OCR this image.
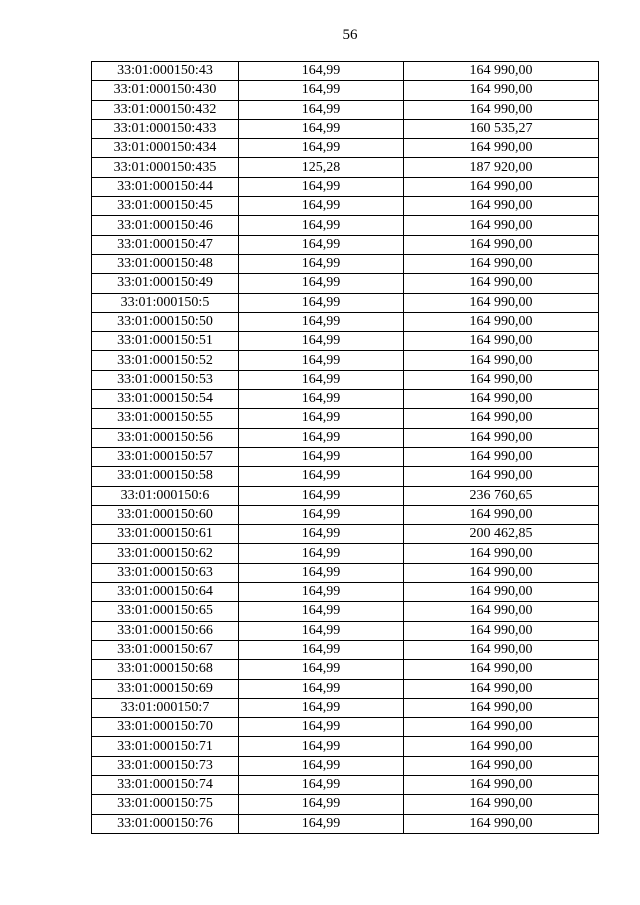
56
33:01:000150:43	164,99	164 990,00
33:01:000150:430	164,99	164 990,00
33:01:000150:432	164,99	164 990,00
33:01:000150:433	164,99	160 535,27
33:01:000150:434	164,99	164 990,00
33:01:000150:435	125,28	187 920,00
33:01:000150:44	164,99	164 990,00
33:01:000150:45	164,99	164 990,00
33:01:000150:46	164,99	164 990,00
33:01:000150:47	164,99	164 990,00
33:01:000150:48	164,99	164 990,00
33:01:000150:49	164,99	164 990,00
33:01:000150:5	164,99	164 990,00
33:01:000150:50	164,99	164 990,00
33:01:000150:51	164,99	164 990,00
33:01:000150:52	164,99	164 990,00
33:01:000150:53	164,99	164 990,00
33:01:000150:54	164,99	164 990,00
33:01:000150:55	164,99	164 990,00
33:01:000150:56	164,99	164 990,00
33:01:000150:57	164,99	164 990,00
33:01:000150:58	164,99	164 990,00
33:01:000150:6	164,99	236 760,65
33:01:000150:60	164,99	164 990,00
33:01:000150:61	164,99	200 462,85
33:01:000150:62	164,99	164 990,00
33:01:000150:63	164,99	164 990,00
33:01:000150:64	164,99	164 990,00
33:01:000150:65	164,99	164 990,00
33:01:000150:66	164,99	164 990,00
33:01:000150:67	164,99	164 990,00
33:01:000150:68	164,99	164 990,00
33:01:000150:69	164,99	164 990,00
33:01:000150:7	164,99	164 990,00
33:01:000150:70	164,99	164 990,00
33:01:000150:71	164,99	164 990,00
33:01:000150:73	164,99	164 990,00
33:01:000150:74	164,99	164 990,00
33:01:000150:75	164,99	164 990,00
33:01:000150:76	164,99	164 990,00
